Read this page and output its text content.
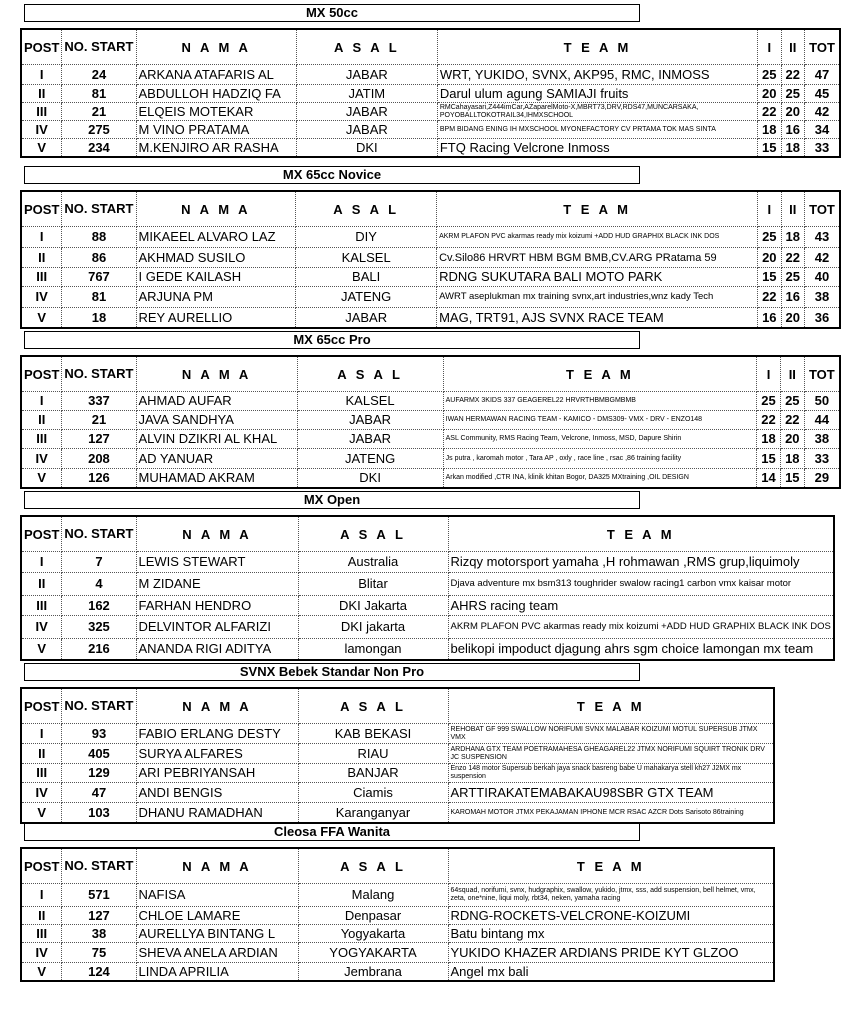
MX 50cc
POST	NO. START	N A M A	A S A L	T E A M	I	II	TOT
I	24	ARKANA ATAFARIS AL	JABAR	WRT, YUKIDO, SVNX, AKP95, RMC, INMOSS	25	22	47
II	81	ABDULLOH HADZIQ FA	JATIM	Darul ulum agung SAMIAJI fruits	20	25	45
III	21	ELQEIS MOTEKAR	JABAR	RMCahayasari,Z444imCar,AZaparelMoto-X,MBRT73,DRV,RDS47,MUNCARSAKA, POYOBALLTOKOTRAIL34,IHMXSCHOOL	22	20	42
IV	275	M VINO PRATAMA	JABAR	BPM BIDANG ENING IH MXSCHOOL MYONEFACTORY CV PRTAMA TOK MAS SINTA	18	16	34
V	234	M.KENJIRO AR RASHA	DKI	FTQ Racing Velcrone Inmoss	15	18	33
MX 65cc Novice
POST	NO. START	N A M A	A S A L	T E A M	I	II	TOT
I	88	MIKAEEL ALVARO LAZ	DIY	AKRM PLAFON PVC akarmas ready mix koizumi +ADD HUD GRAPHIX BLACK INK DOS	25	18	43
II	86	AKHMAD SUSILO	KALSEL	Cv.Silo86 HRVRT HBM BGM BMB,CV.ARG PRatama 59	20	22	42
III	767	I GEDE KAILASH	BALI	RDNG SUKUTARA BALI MOTO PARK	15	25	40
IV	81	ARJUNA PM	JATENG	AWRT aseplukman mx training svnx,art industries,wnz kady Tech	22	16	38
V	18	REY AURELLIO	JABAR	MAG, TRT91, AJS SVNX RACE TEAM	16	20	36
MX 65cc Pro
POST	NO. START	N A M A	A S A L	T E A M	I	II	TOT
I	337	AHMAD AUFAR	KALSEL	AUFARMX 3KIDS 337 GEAGEREL22 HRVRTHBMBGMBMB	25	25	50
II	21	JAVA SANDHYA	JABAR	IWAN HERMAWAN RACING TEAM - KAMICO - DMS309- VMX - DRV - ENZO148	22	22	44
III	127	ALVIN DZIKRI AL KHAL	JABAR	ASL Community, RMS Racing Team, Velcrone, Inmoss, MSD, Dapure Shirin	18	20	38
IV	208	AD YANUAR	JATENG	Js putra , karomah motor , Tara AP , oxly , race line , rsac ,86 training facility	15	18	33
V	126	MUHAMAD AKRAM	DKI	Arkan modified ,CTR INA, klinik khitan Bogor, DA325 MXtraining ,OIL DESIGN	14	15	29
MX Open
POST	NO. START	N A M A	A S A L	T E A M
I	7	LEWIS STEWART	Australia	Rizqy motorsport yamaha ,H rohmawan ,RMS grup,liquimoly
II	4	M ZIDANE	Blitar	Djava adventure mx bsm313 toughrider swalow racing1 carbon vmx kaisar motor
III	162	FARHAN HENDRO	DKI Jakarta	AHRS racing team
IV	325	DELVINTOR ALFARIZI	DKI jakarta	AKRM PLAFON PVC akarmas ready mix koizumi +ADD HUD GRAPHIX BLACK INK DOS
V	216	ANANDA RIGI ADITYA	lamongan	belikopi impoduct djagung ahrs sgm choice lamongan mx team
SVNX Bebek Standar Non Pro
POST	NO. START	N A M A	A S A L	T E A M
I	93	FABIO ERLANG DESTY	KAB BEKASI	REHOBAT GF 999 SWALLOW NORIFUMI SVNX MALABAR KOIZUMI MOTUL SUPERSUB JTMX VMX
II	405	SURYA ALFARES	RIAU	ARDHANA GTX TEAM POETRAMAHESA GHEAGAREL22 JTMX NORIFUMI SQUIRT TRONIK DRV JC SUSPENSION
III	129	ARI PEBRIYANSAH	BANJAR	Enzo 148 motor Supersub berkah jaya snack basreng babe U mahakarya stell kh27 J2MX mx suspension
IV	47	ANDI BENGIS	Ciamis	ARTTIRAKATEMABAKAU98SBR GTX TEAM
V	103	DHANU RAMADHAN	Karanganyar	KAROMAH MOTOR JTMX PEKAJAMAN IPHONE MCR RSAC AZCR Dots Sarisoto 86training
Cleosa FFA Wanita
POST	NO. START	N A M A	A S A L	T E A M
I	571	NAFISA	Malang	64squad, norifumi, svnx, hudgraphix, swallow, yukido, jtmx, sss, add suspension, bell helmet, vmx, zeta, one*nine, liqui moly, rbt34, neken, yamaha racing
II	127	CHLOE LAMARE	Denpasar	RDNG-ROCKETS-VELCRONE-KOIZUMI
III	38	AURELLYA BINTANG L	Yogyakarta	Batu bintang mx
IV	75	SHEVA ANELA ARDIAN	YOGYAKARTA	YUKIDO KHAZER ARDIANS PRIDE KYT GLZOO
V	124	LINDA APRILIA	Jembrana	Angel mx bali
